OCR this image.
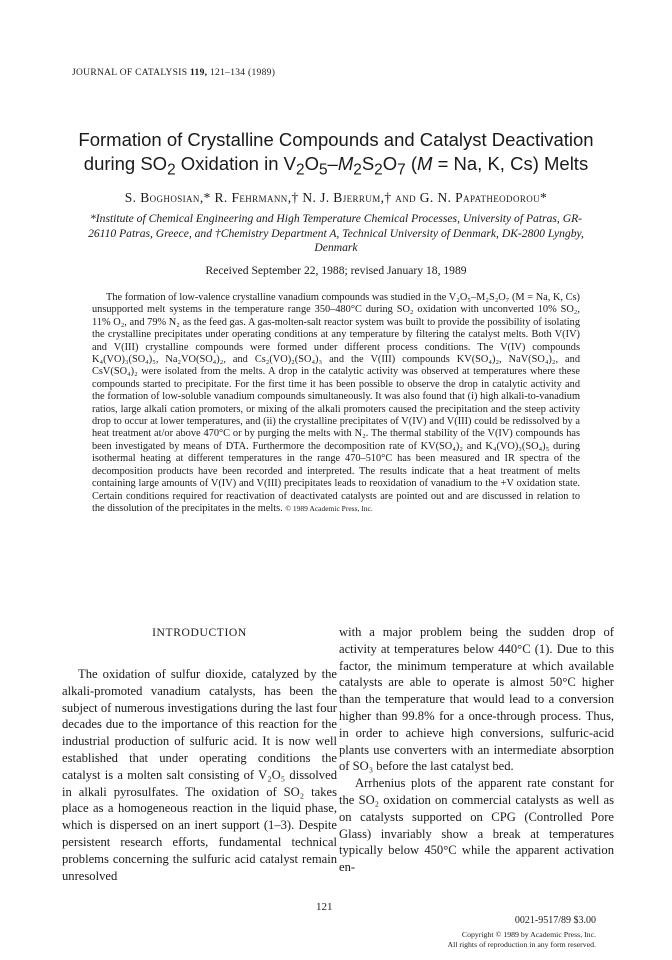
JOURNAL OF CATALYSIS 119, 121–134 (1989)
Formation of Crystalline Compounds and Catalyst Deactivation
during $SO_2$ Oxidation in $V_2O_5-M_2S_2O_7$ (M = Na, K, Cs) Melts
S. Boghosian,* R. Fehrmann,† N. J. Bjerrum,† and G. N. Papatheodorou*
*Institute of Chemical Engineering and High Temperature Chemical Processes, University of Patras, GR-26110 Patras, Greece, and †Chemistry Department A, Technical University of Denmark, DK-2800 Lyngby, Denmark
Received September 22, 1988; revised January 18, 1989
The formation of low-valence crystalline vanadium compounds was studied in the V₂O₅–M₂S₂O₇ (M = Na, K, Cs) unsupported melt systems in the temperature range 350–480°C during SO₂ oxidation with unconverted 10% SO₂, 11% O₂, and 79% N₂ as the feed gas. A gas-molten-salt reactor system was built to provide the possibility of isolating the crystalline precipitates under operating conditions at any temperature by filtering the catalyst melts. Both V(IV) and V(III) crystalline compounds were formed under different process conditions. The V(IV) compounds K₄(VO)₃(SO₄)₅, Na₂VO(SO₄)₂, and Cs₂(VO)₂(SO₄)₃ and the V(III) compounds KV(SO₄)₂, NaV(SO₄)₂, and CsV(SO₄)₂ were isolated from the melts. A drop in the catalytic activity was observed at temperatures where these compounds started to precipitate. For the first time it has been possible to observe the drop in catalytic activity and the formation of low-soluble vanadium compounds simultaneously. It was also found that (i) high alkali-to-vanadium ratios, large alkali cation promoters, or mixing of the alkali promoters caused the precipitation and the steep activity drop to occur at lower temperatures, and (ii) the crystalline precipitates of V(IV) and V(III) could be redissolved by a heat treatment at/or above 470°C or by purging the melts with N₂. The thermal stability of the V(IV) compounds has been investigated by means of DTA. Furthermore the decomposition rate of KV(SO₄)₂ and K₄(VO)₃(SO₄)₅ during isothermal heating at different temperatures in the range 470–510°C has been measured and IR spectra of the decomposition products have been recorded and interpreted. The results indicate that a heat treatment of melts containing large amounts of V(IV) and V(III) precipitates leads to reoxidation of vanadium to the +V oxidation state. Certain conditions required for reactivation of deactivated catalysts are pointed out and are discussed in relation to the dissolution of the precipitates in the melts. © 1989 Academic Press, Inc.
INTRODUCTION

The oxidation of sulfur dioxide, catalyzed by the alkali-promoted vanadium catalysts, has been the subject of numerous investigations during the last four decades due to the importance of this reaction for the industrial production of sulfuric acid. It is now well established that under operating conditions the catalyst is a molten salt consisting of V₂O₅ dissolved in alkali pyrosulfates. The oxidation of SO₂ takes place as a homogeneous reaction in the liquid phase, which is dispersed on an inert support (1–3). Despite persistent research efforts, fundamental technical problems concerning the sulfuric acid catalyst remain unresolved

with a major problem being the sudden drop of activity at temperatures below 440°C (1). Due to this factor, the minimum temperature at which available catalysts are able to operate is almost 50°C higher than the temperature that would lead to a conversion higher than 99.8% for a once-through process. Thus, in order to achieve high conversions, sulfuric-acid plants use converters with an intermediate absorption of SO₃ before the last catalyst bed.

Arrhenius plots of the apparent rate constant for the SO₂ oxidation on commercial catalysts as well as on catalysts supported on CPG (Controlled Pore Glass) invariably show a break at temperatures typically below 450°C while the apparent activation en-

121
0021-9517/89 $3.00
Copyright © 1989 by Academic Press, Inc.
All rights of reproduction in any form reserved.
